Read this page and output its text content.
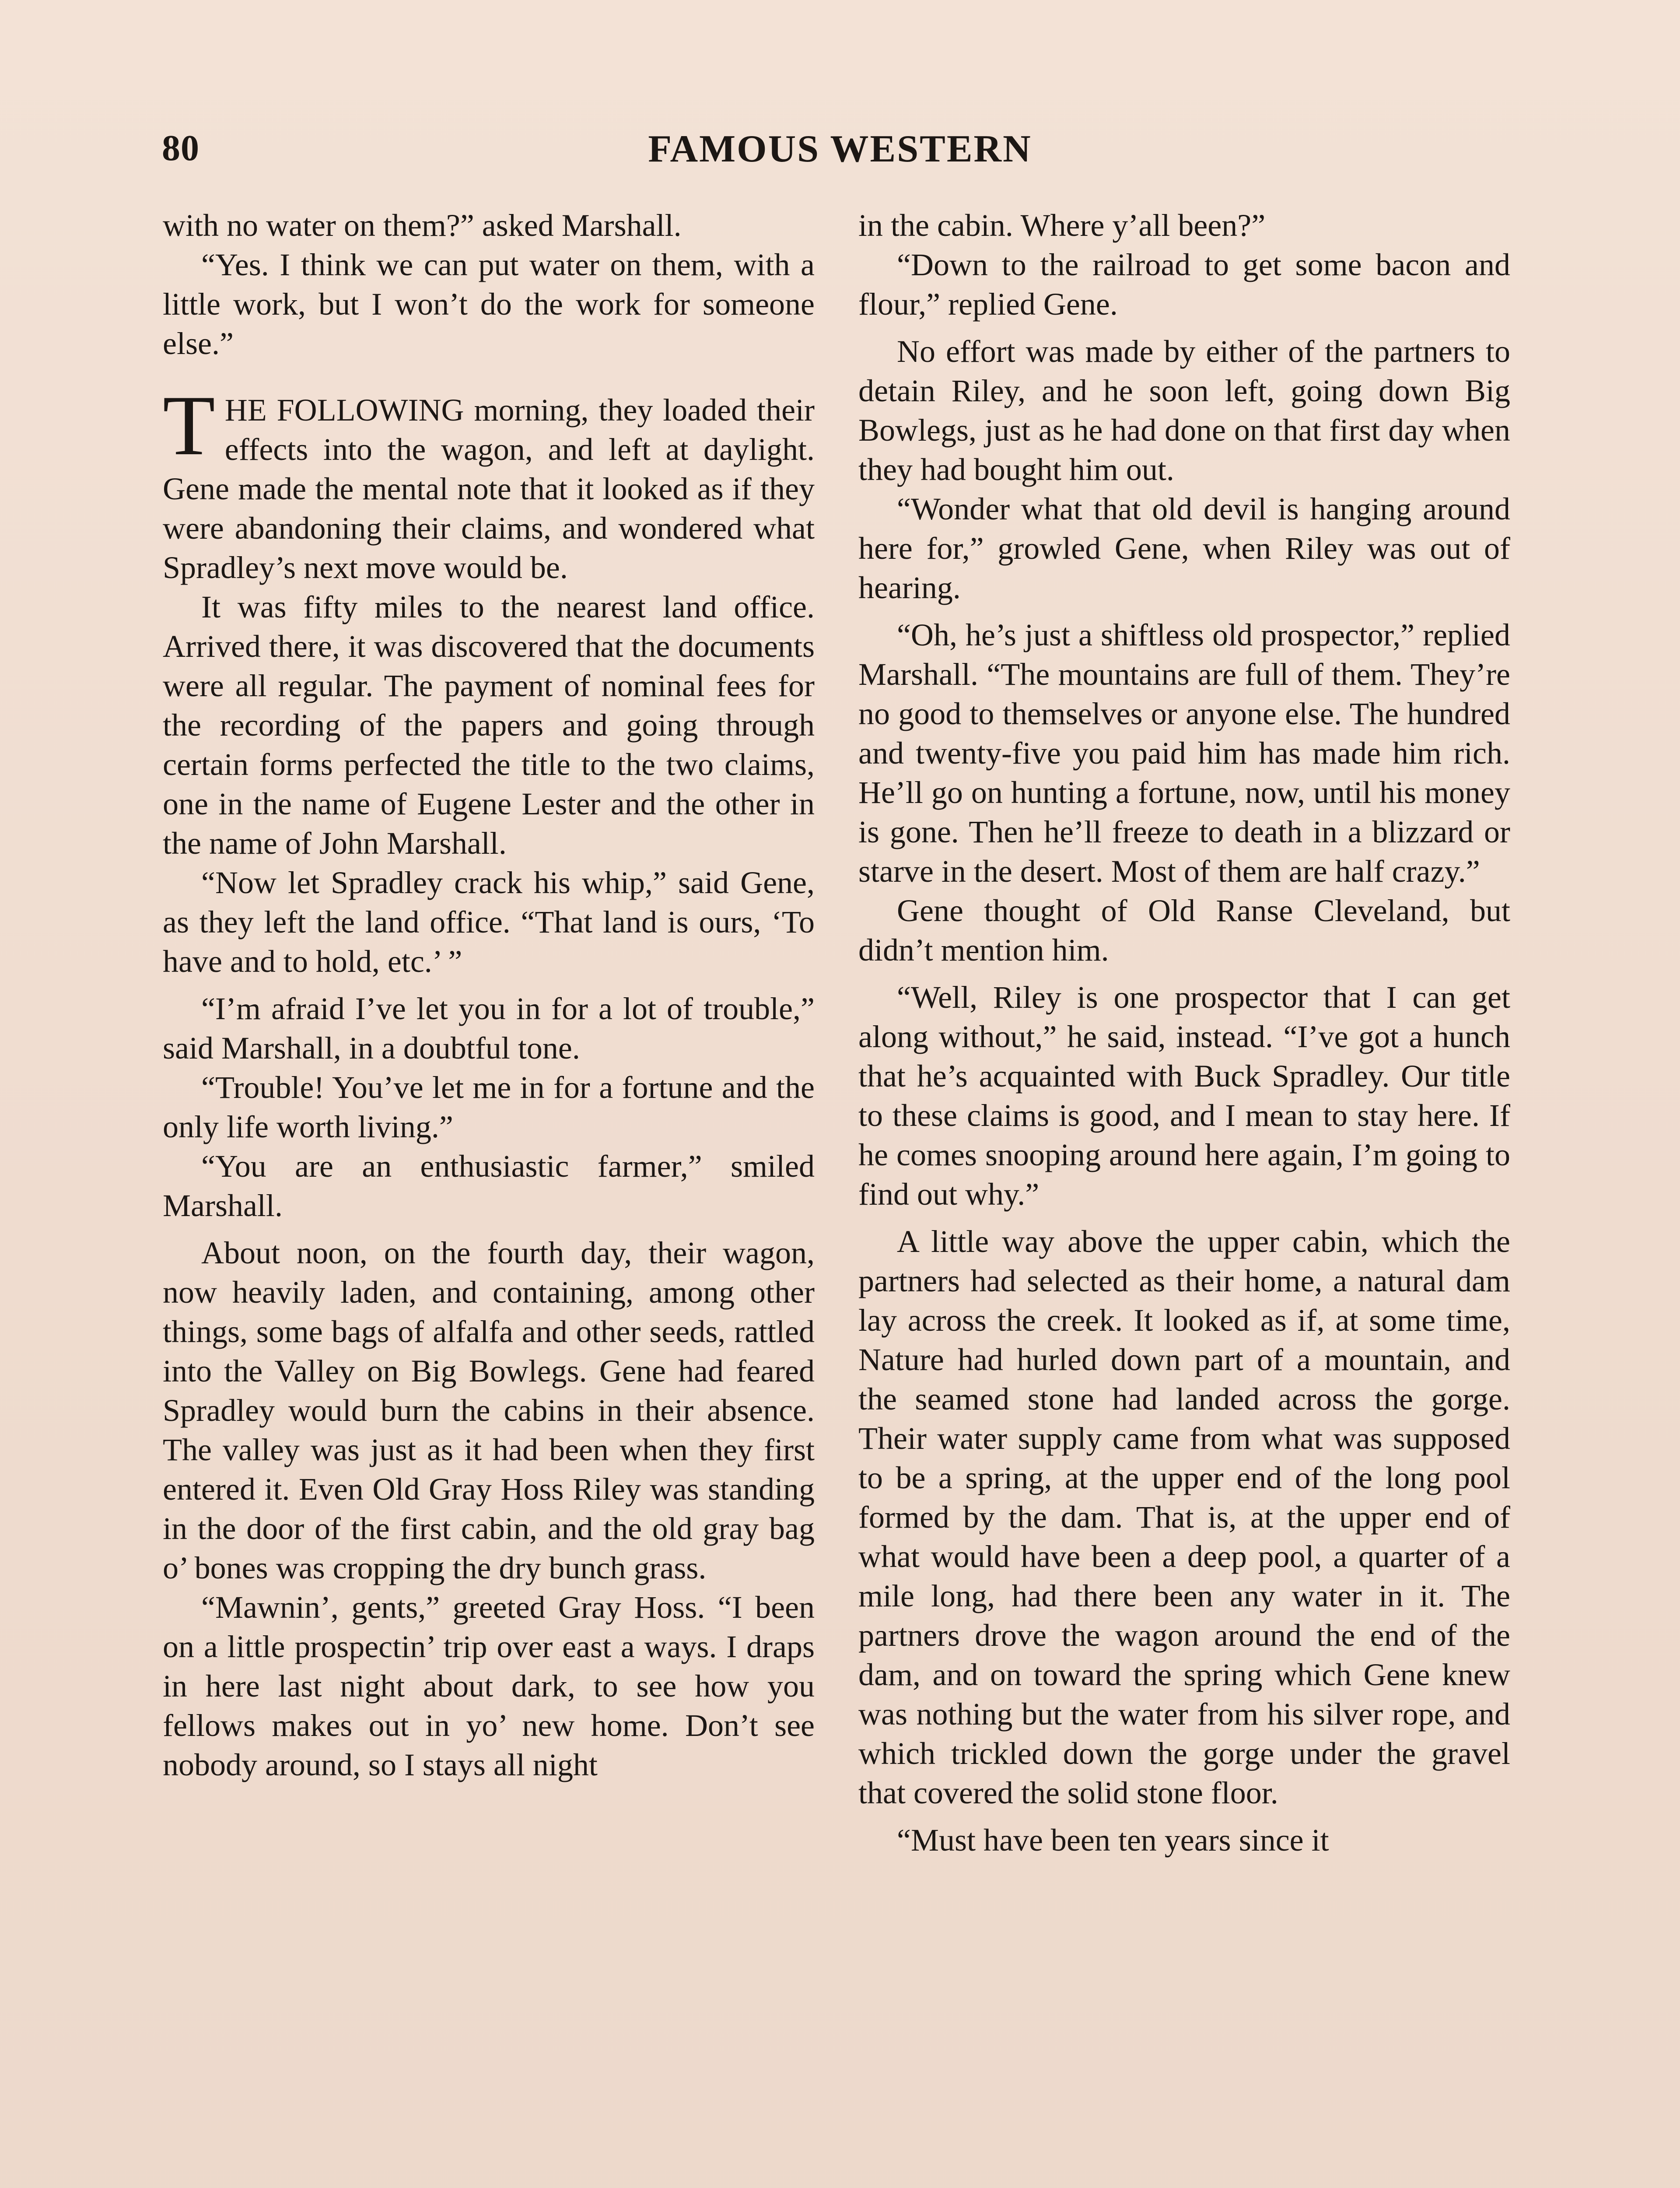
80	FAMOUS WESTERN

with no water on them?” asked Marshall.

“Yes. I think we can put water on them, with a little work, but I won’t do the work for someone else.”

THE FOLLOWING morning, they loaded their effects into the wagon, and left at daylight. Gene made the mental note that it looked as if they were abandoning their claims, and wondered what Spradley’s next move would be.

It was fifty miles to the nearest land office. Arrived there, it was discovered that the documents were all regular. The payment of nominal fees for the recording of the papers and going through certain forms perfected the title to the two claims, one in the name of Eugene Lester and the other in the name of John Marshall.

“Now let Spradley crack his whip,” said Gene, as they left the land office. “That land is ours, ‘To have and to hold, etc.’ ”

“I’m afraid I’ve let you in for a lot of trouble,” said Marshall, in a doubtful tone.

“Trouble! You’ve let me in for a fortune and the only life worth living.”

“You are an enthusiastic farmer,” smiled Marshall.

About noon, on the fourth day, their wagon, now heavily laden, and containing, among other things, some bags of alfalfa and other seeds, rattled into the Valley on Big Bowlegs. Gene had feared Spradley would burn the cabins in their absence. The valley was just as it had been when they first entered it. Even Old Gray Hoss Riley was standing in the door of the first cabin, and the old gray bag o’ bones was cropping the dry bunch grass.

“Mawnin’, gents,” greeted Gray Hoss. “I been on a little prospectin’ trip over east a ways. I draps in here last night about dark, to see how you fellows makes out in yo’ new home. Don’t see nobody around, so I stays all night

in the cabin. Where y’all been?”

“Down to the railroad to get some bacon and flour,” replied Gene.

No effort was made by either of the partners to detain Riley, and he soon left, going down Big Bowlegs, just as he had done on that first day when they had bought him out.

“Wonder what that old devil is hanging around here for,” growled Gene, when Riley was out of hearing.

“Oh, he’s just a shiftless old prospector,” replied Marshall. “The mountains are full of them. They’re no good to themselves or anyone else. The hundred and twenty-five you paid him has made him rich. He’ll go on hunting a fortune, now, until his money is gone. Then he’ll freeze to death in a blizzard or starve in the desert. Most of them are half crazy.”

Gene thought of Old Ranse Cleveland, but didn’t mention him.

“Well, Riley is one prospector that I can get along without,” he said, instead. “I’ve got a hunch that he’s acquainted with Buck Spradley. Our title to these claims is good, and I mean to stay here. If he comes snooping around here again, I’m going to find out why.”

A little way above the upper cabin, which the partners had selected as their home, a natural dam lay across the creek. It looked as if, at some time, Nature had hurled down part of a mountain, and the seamed stone had landed across the gorge. Their water supply came from what was supposed to be a spring, at the upper end of the long pool formed by the dam. That is, at the upper end of what would have been a deep pool, a quarter of a mile long, had there been any water in it. The partners drove the wagon around the end of the dam, and on toward the spring which Gene knew was nothing but the water from his silver rope, and which trickled down the gorge under the gravel that covered the solid stone floor.

“Must have been ten years since it
